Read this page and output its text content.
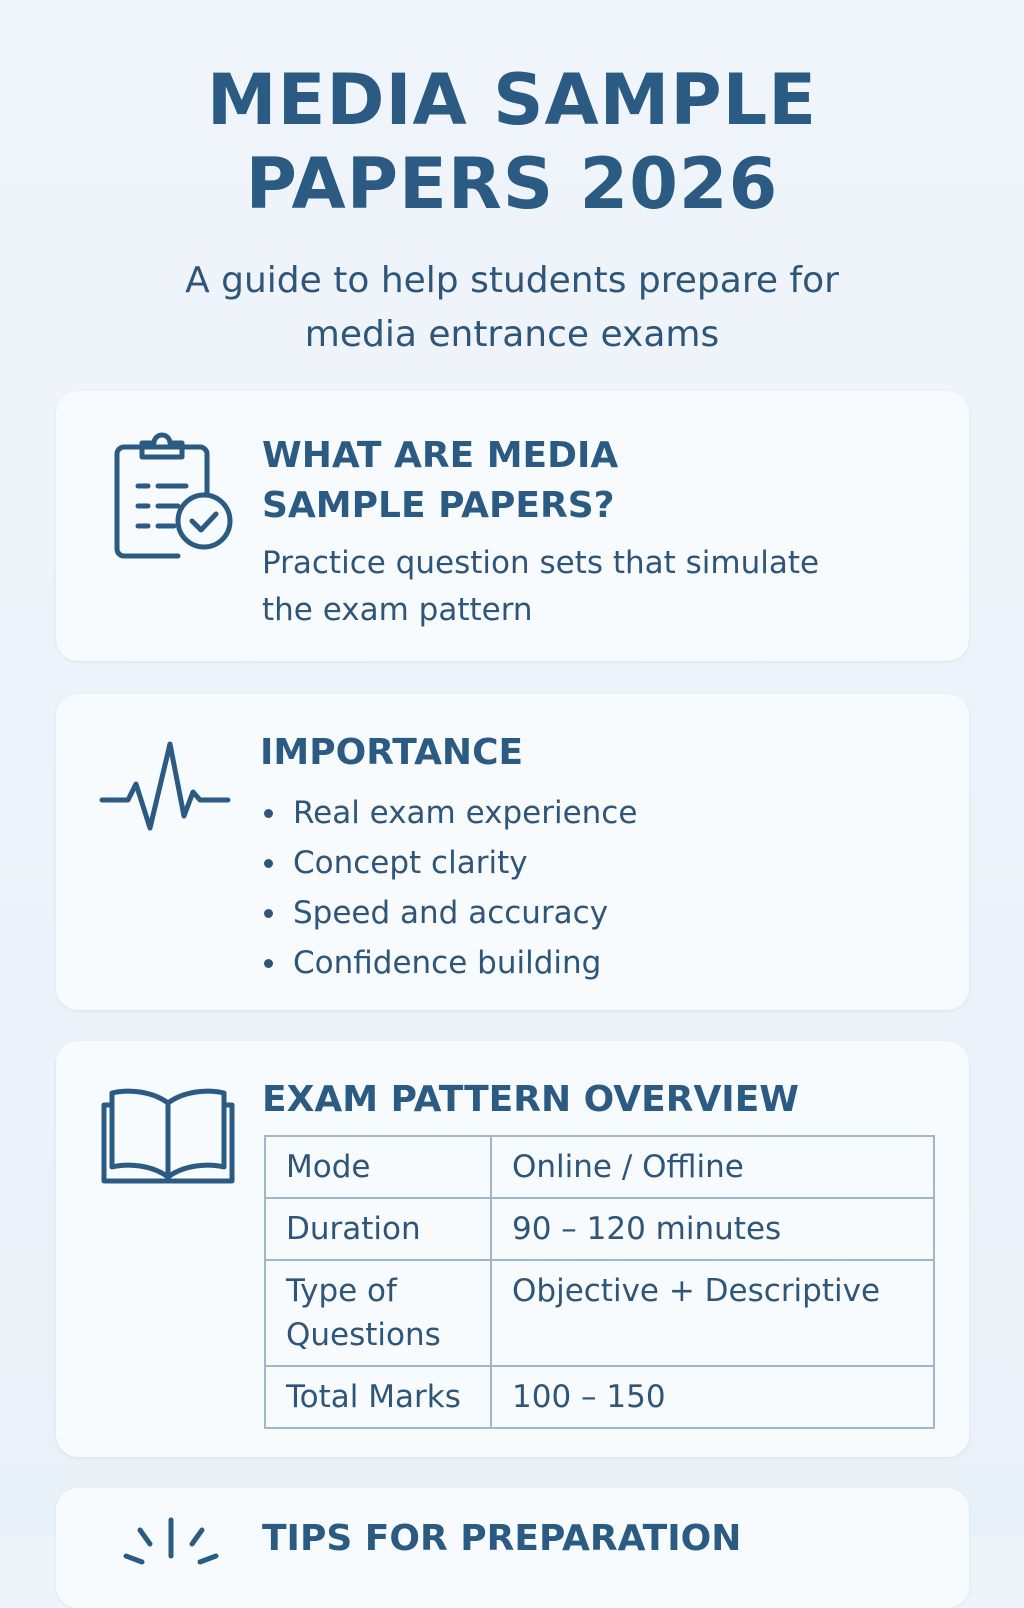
MEDIA SAMPLE
PAPERS 2026

A guide to help students prepare for
media entrance exams

WHAT ARE MEDIA
SAMPLE PAPERS?

Practice question sets that simulate
the exam pattern

IMPORTANCE
Real exam experience
Concept clarity
Speed and accuracy
Confidence building
EXAM PATTERN OVERVIEW
Mode	Online / Offline
Duration	90 – 120 minutes
Type of Questions	Objective + Descriptive
Total Marks	100 – 150
TIPS FOR PREPARATION
